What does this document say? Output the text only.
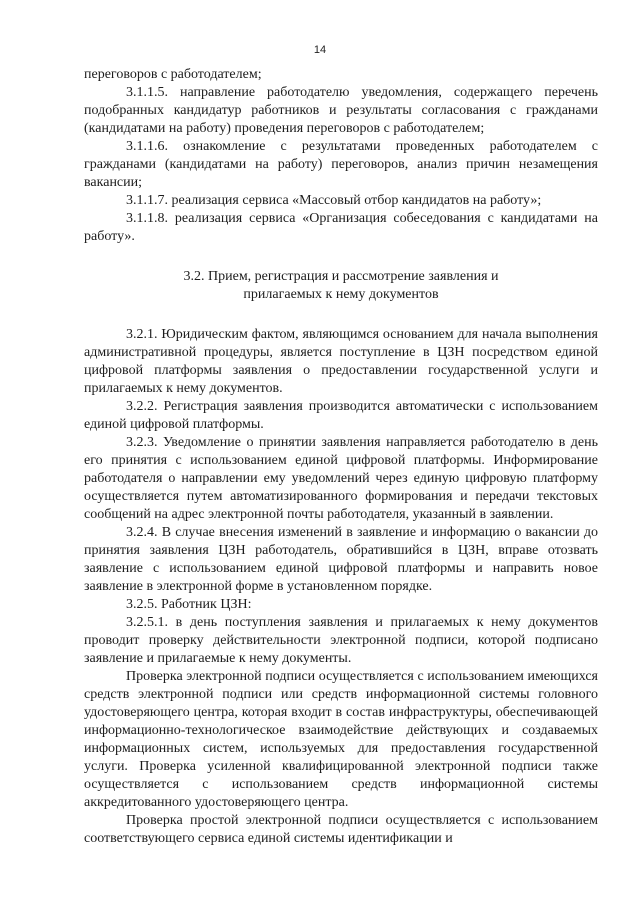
14

переговоров с работодателем;

3.1.1.5. направление работодателю уведомления, содержащего перечень подобранных кандидатур работников и результаты согласования с гражданами (кандидатами на работу) проведения переговоров с работодателем;

3.1.1.6. ознакомление с результатами проведенных работодателем с гражданами (кандидатами на работу) переговоров, анализ причин незамещения вакансии;

3.1.1.7. реализация сервиса «Массовый отбор кандидатов на работу»;

3.1.1.8. реализация сервиса «Организация собеседования с кандидатами на работу».

3.2. Прием, регистрация и рассмотрение заявления и
прилагаемых к нему документов

3.2.1. Юридическим фактом, являющимся основанием для начала выполнения административной процедуры, является поступление в ЦЗН посредством единой цифровой платформы заявления о предоставлении государственной услуги и прилагаемых к нему документов.

3.2.2. Регистрация заявления производится автоматически с использованием единой цифровой платформы.

3.2.3. Уведомление о принятии заявления направляется работодателю в день его принятия с использованием единой цифровой платформы. Информирование работодателя о направлении ему уведомлений через единую цифровую платформу осуществляется путем автоматизированного формирования и передачи текстовых сообщений на адрес электронной почты работодателя, указанный в заявлении.

3.2.4. В случае внесения изменений в заявление и информацию о вакансии до принятия заявления ЦЗН работодатель, обратившийся в ЦЗН, вправе отозвать заявление с использованием единой цифровой платформы и направить новое заявление в электронной форме в установленном порядке.

3.2.5. Работник ЦЗН:

3.2.5.1. в день поступления заявления и прилагаемых к нему документов проводит проверку действительности электронной подписи, которой подписано заявление и прилагаемые к нему документы.

Проверка электронной подписи осуществляется с использованием имеющихся средств электронной подписи или средств информационной системы головного удостоверяющего центра, которая входит в состав инфраструктуры, обеспечивающей информационно-технологическое взаимодействие действующих и создаваемых информационных систем, используемых для предоставления государственной услуги. Проверка усиленной квалифицированной электронной подписи также осуществляется с использованием средств информационной системы аккредитованного удостоверяющего центра.

Проверка простой электронной подписи осуществляется с использованием соответствующего сервиса единой системы идентификации и
